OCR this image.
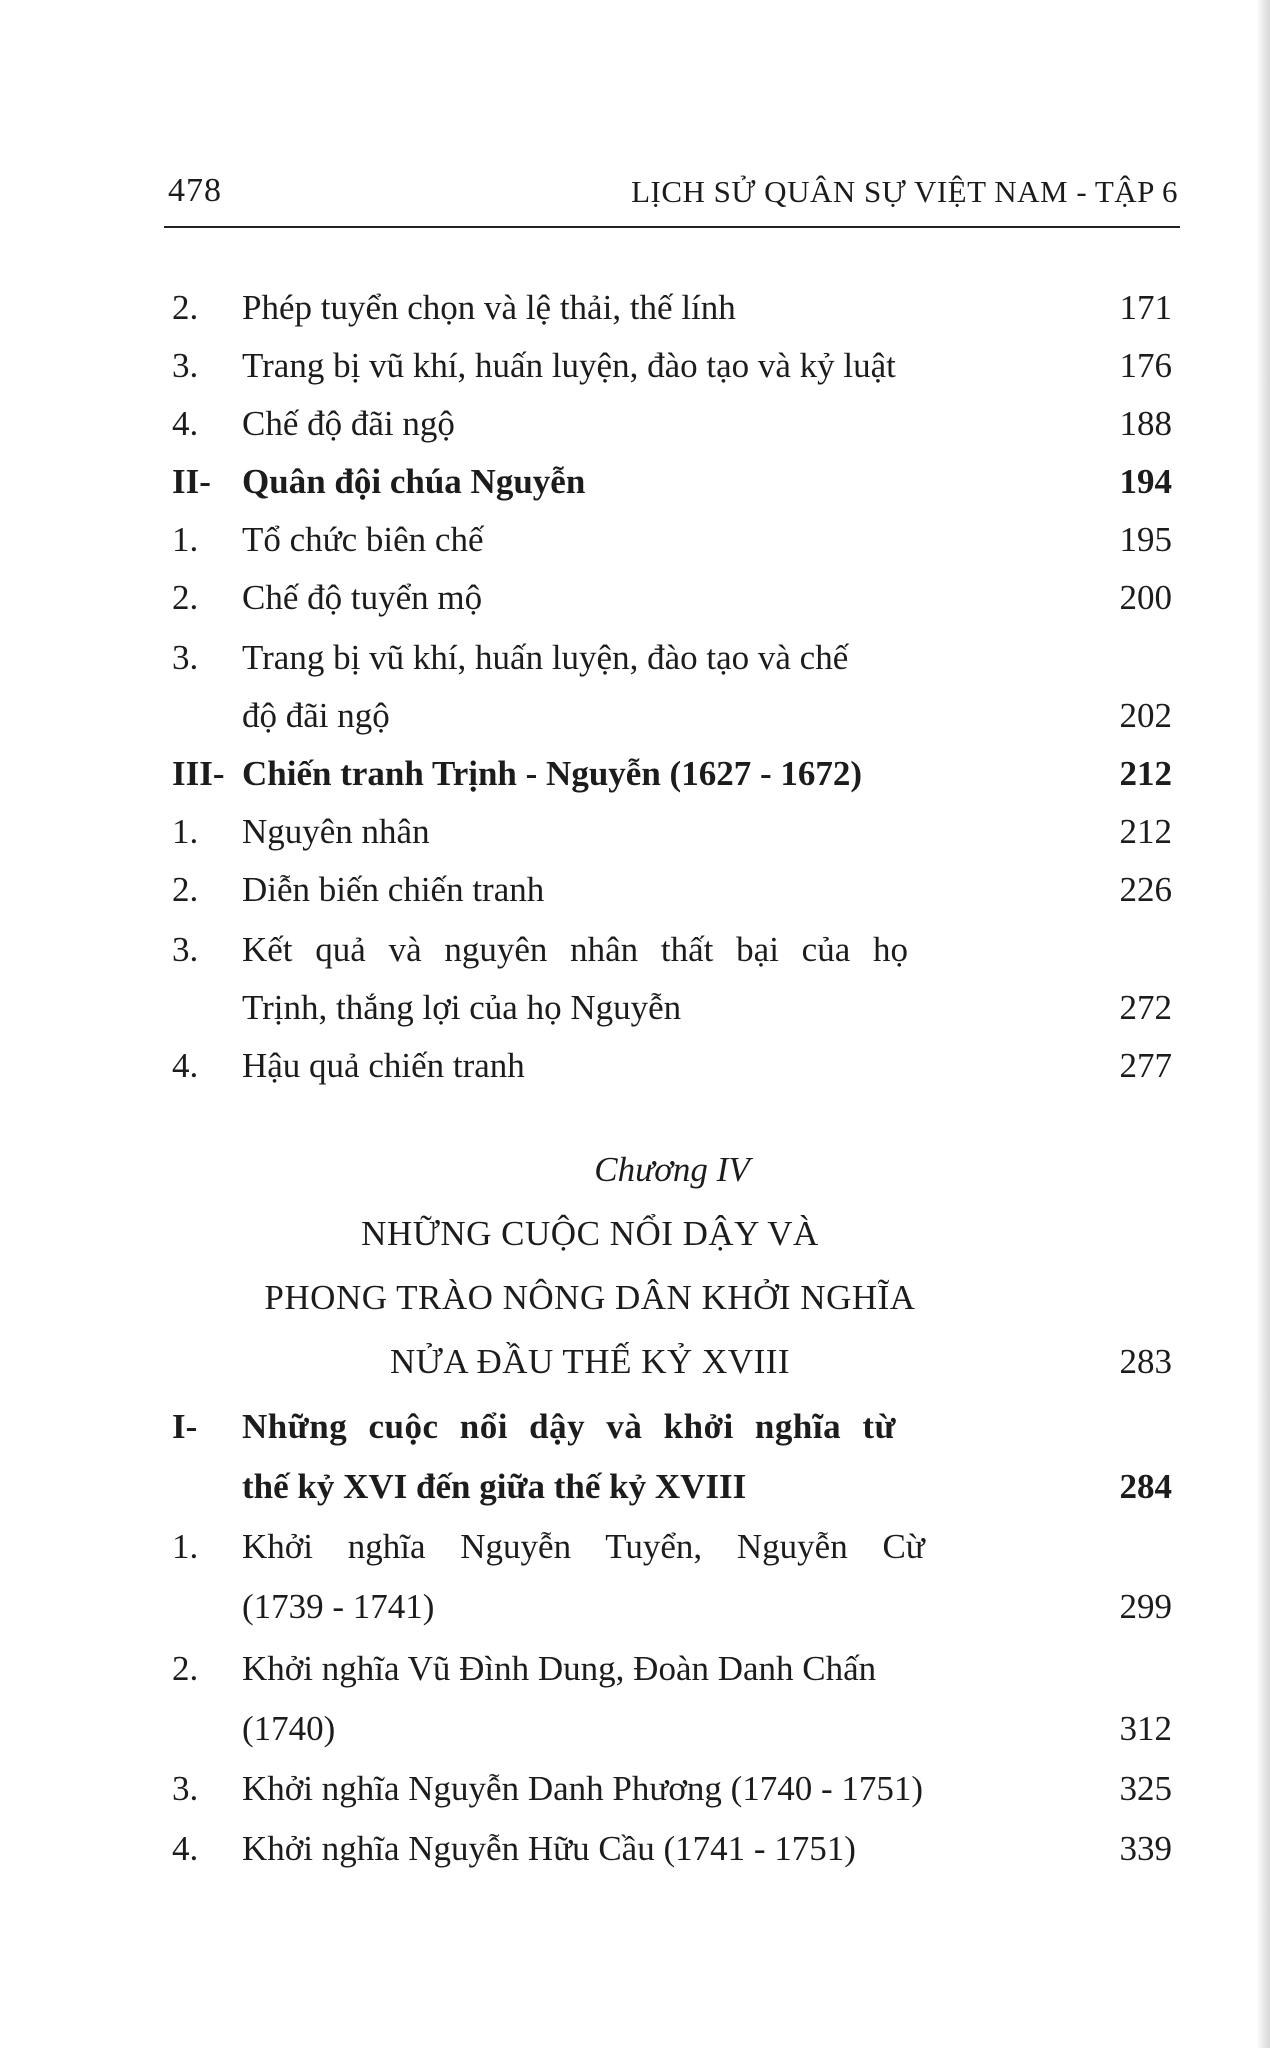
478	LỊCH SỬ QUÂN SỰ VIỆT NAM - TẬP 6
2. Phép tuyển chọn và lệ thải, thế lính	171
3. Trang bị vũ khí, huấn luyện, đào tạo và kỷ luật	176
4. Chế độ đãi ngộ	188
II- Quân đội chúa Nguyễn	194
1. Tổ chức biên chế	195
2. Chế độ tuyển mộ	200
3. Trang bị vũ khí, huấn luyện, đào tạo và chế
độ đãi ngộ	202
III- Chiến tranh Trịnh - Nguyễn (1627 - 1672)	212
1. Nguyên nhân	212
2. Diễn biến chiến tranh	226
3. Kết quả và nguyên nhân thất bại của họ
Trịnh, thắng lợi của họ Nguyễn	272
4. Hậu quả chiến tranh	277
Chương IV
NHỮNG CUỘC NỔI DẬY VÀ
PHONG TRÀO NÔNG DÂN KHỞI NGHĨA
NỬA ĐẦU THẾ KỶ XVIII	283
I- Những cuộc nổi dậy và khởi nghĩa từ
thế kỷ XVI đến giữa thế kỷ XVIII	284
1. Khởi nghĩa Nguyễn Tuyển, Nguyễn Cừ
(1739 - 1741)	299
2. Khởi nghĩa Vũ Đình Dung, Đoàn Danh Chấn
(1740)	312
3. Khởi nghĩa Nguyễn Danh Phương (1740 - 1751)	325
4. Khởi nghĩa Nguyễn Hữu Cầu (1741 - 1751)	339
